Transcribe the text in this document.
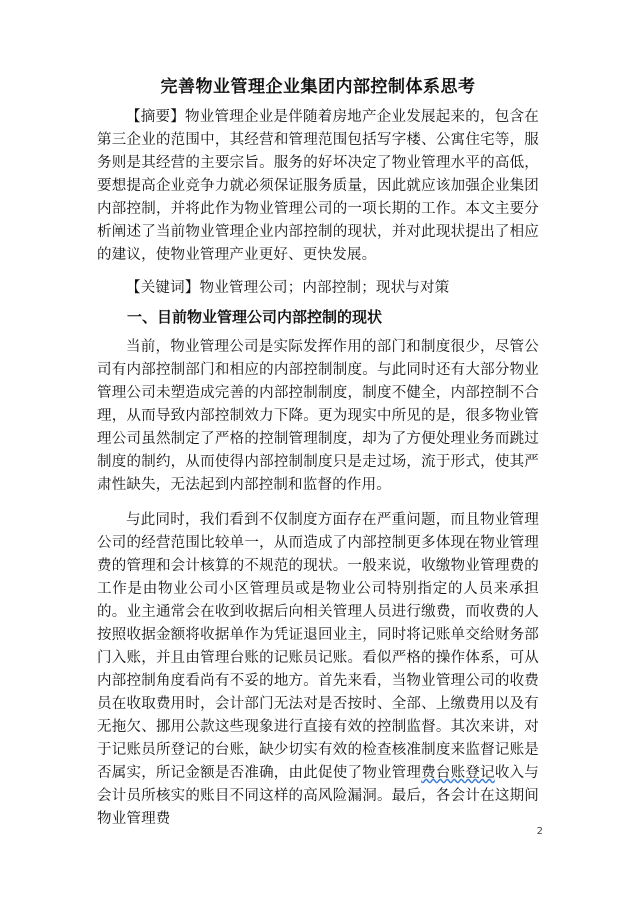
完善物业管理企业集团内部控制体系思考

【摘要】物业管理企业是伴随着房地产企业发展起来的，包含在第三企业的范围中，其经营和管理范围包括写字楼、公寓住宅等，服务则是其经营的主要宗旨。服务的好坏决定了物业管理水平的高低，要想提高企业竞争力就必须保证服务质量，因此就应该加强企业集团内部控制，并将此作为物业管理公司的一项长期的工作。本文主要分析阐述了当前物业管理企业内部控制的现状，并对此现状提出了相应的建议，使物业管理产业更好、更快发展。

【关键词】物业管理公司；内部控制；现状与对策

一、目前物业管理公司内部控制的现状

当前，物业管理公司是实际发挥作用的部门和制度很少，尽管公司有内部控制部门和相应的内部控制制度。与此同时还有大部分物业管理公司未塑造成完善的内部控制制度，制度不健全，内部控制不合理，从而导致内部控制效力下降。更为现实中所见的是，很多物业管理公司虽然制定了严格的控制管理制度，却为了方便处理业务而跳过制度的制约，从而使得内部控制制度只是走过场，流于形式，使其严肃性缺失，无法起到内部控制和监督的作用。

与此同时，我们看到不仅制度方面存在严重问题，而且物业管理公司的经营范围比较单一，从而造成了内部控制更多体现在物业管理费的管理和会计核算的不规范的现状。一般来说，收缴物业管理费的工作是由物业公司小区管理员或是物业公司特别指定的人员来承担的。业主通常会在收到收据后向相关管理人员进行缴费，而收费的人按照收据金额将收据单作为凭证退回业主，同时将记账单交给财务部门入账，并且由管理台账的记账员记账。看似严格的操作体系，可从内部控制角度看尚有不妥的地方。首先来看，当物业管理公司的收费员在收取费用时，会计部门无法对是否按时、全部、上缴费用以及有无拖欠、挪用公款这些现象进行直接有效的控制监督。其次来讲，对于记账员所登记的台账，缺少切实有效的检查核准制度来监督记账是否属实，所记金额是否准确，由此促使了物业管理费台账登记收入与会计员所核实的账目不同这样的高风险漏洞。最后，各会计在这期间物业管理费

2
